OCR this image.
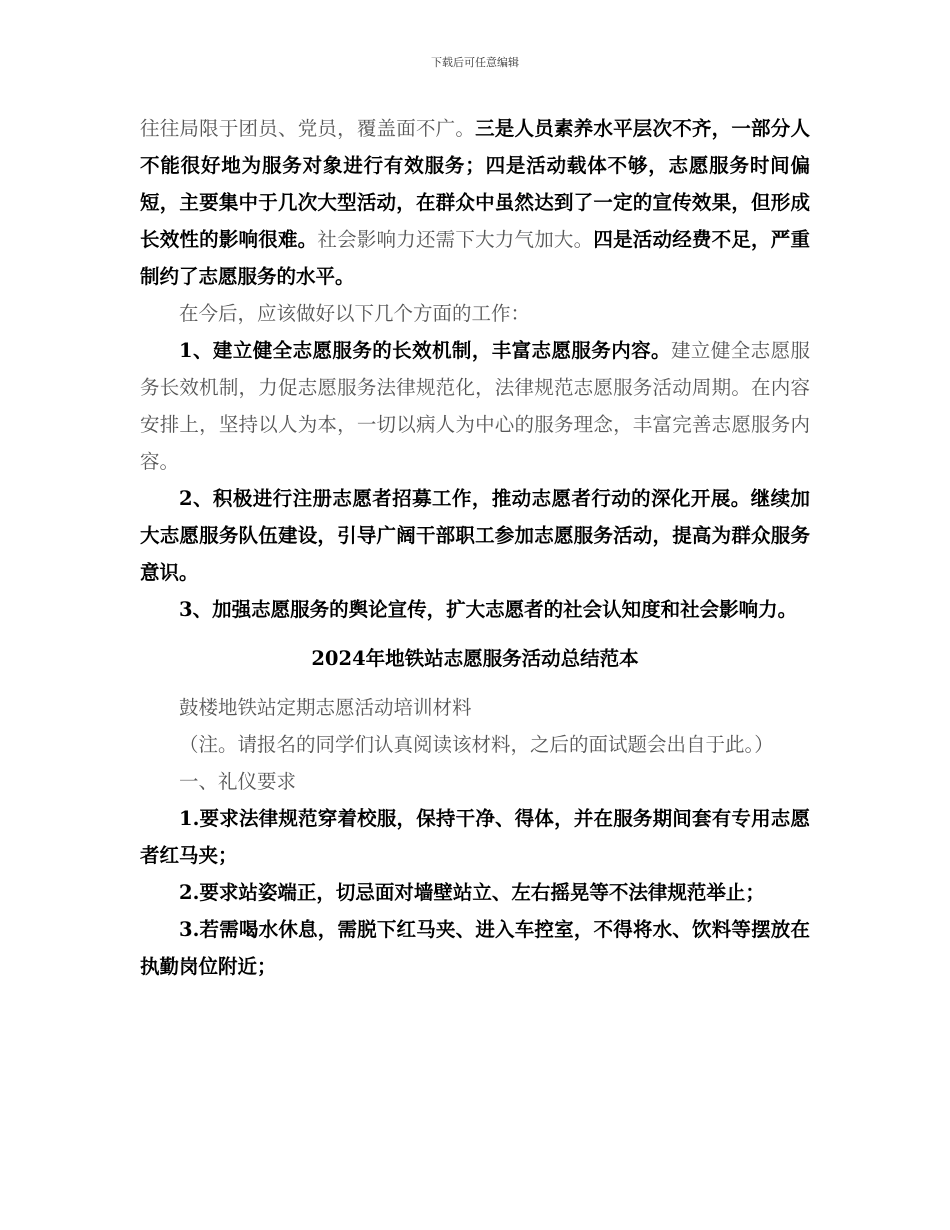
下载后可任意编辑

往往局限于团员、党员，覆盖面不广。三是人员素养水平层次不齐，一部分人不能很好地为服务对象进行有效服务；四是活动载体不够，志愿服务时间偏短，主要集中于几次大型活动，在群众中虽然达到了一定的宣传效果，但形成长效性的影响很难。社会影响力还需下大力气加大。四是活动经费不足，严重制约了志愿服务的水平。

在今后，应该做好以下几个方面的工作：

1、建立健全志愿服务的长效机制，丰富志愿服务内容。建立健全志愿服务长效机制，力促志愿服务法律规范化，法律规范志愿服务活动周期。在内容安排上，坚持以人为本，一切以病人为中心的服务理念，丰富完善志愿服务内容。

2、积极进行注册志愿者招募工作，推动志愿者行动的深化开展。继续加大志愿服务队伍建设，引导广阔干部职工参加志愿服务活动，提高为群众服务意识。

3、加强志愿服务的舆论宣传，扩大志愿者的社会认知度和社会影响力。

2024年地铁站志愿服务活动总结范本

鼓楼地铁站定期志愿活动培训材料

（注。请报名的同学们认真阅读该材料，之后的面试题会出自于此。）

一、礼仪要求

1.要求法律规范穿着校服，保持干净、得体，并在服务期间套有专用志愿者红马夹；

2.要求站姿端正，切忌面对墙壁站立、左右摇晃等不法律规范举止；

3.若需喝水休息，需脱下红马夹、进入车控室，不得将水、饮料等摆放在执勤岗位附近；
